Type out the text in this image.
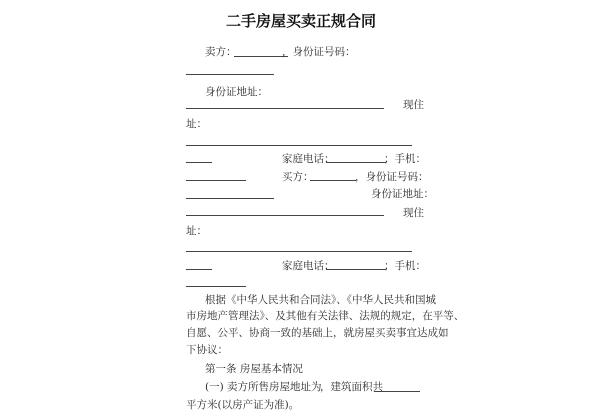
二手房屋买卖正规合同
卖方：	，身份证号码：
身份证地址：
现住
址：
家庭电话：	；手机：
买方：	，身份证号码：
身份证地址：
现住
址：
家庭电话：	；手机：
根据《中华人民共和合同法》、《中华人民共和国城
市房地产管理法》、及其他有关法律、法规的规定，在平等、
自愿、公平、协商一致的基础上，就房屋买卖事宜达成如
下协议：
第一条 房屋基本情况
(一) 卖方所售房屋地址为
，建筑面积共
平方米(以房产证为准)。
